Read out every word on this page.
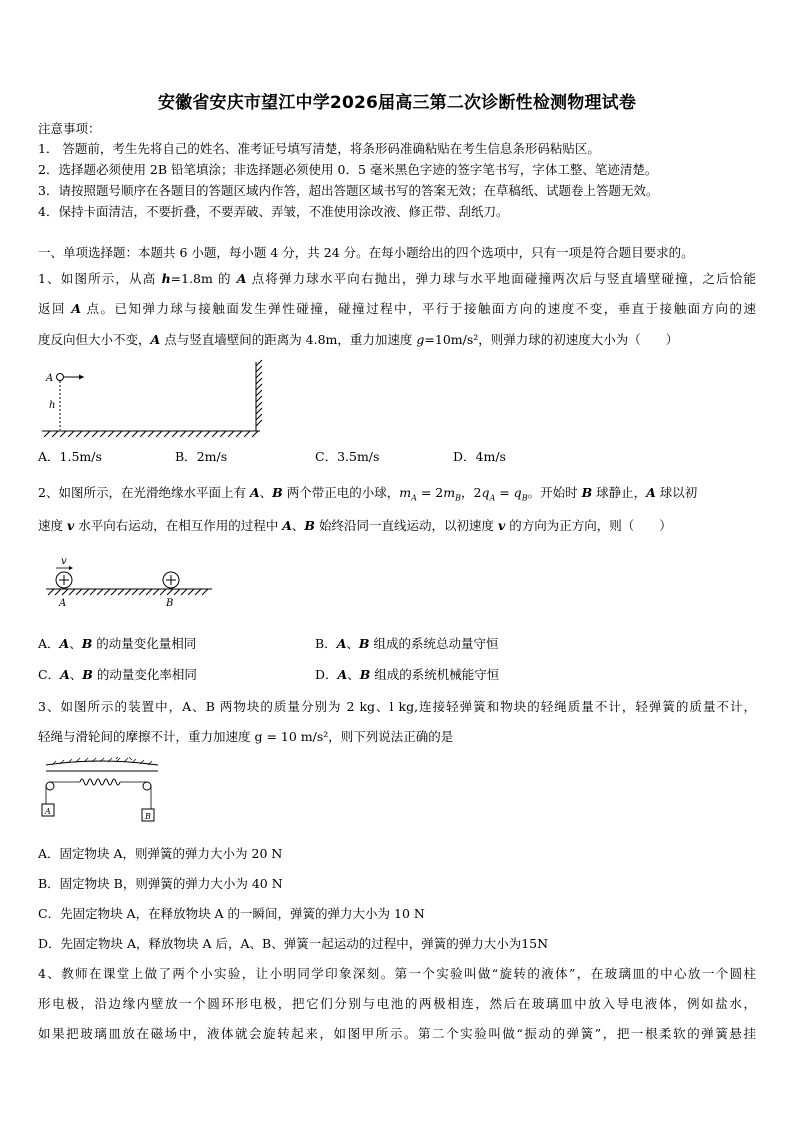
安徽省安庆市望江中学2026届高三第二次诊断性检测物理试卷
注意事项：
1． 答题前，考生先将自己的姓名、准考证号填写清楚，将条形码准确粘贴在考生信息条形码粘贴区。
2．选择题必须使用 2B 铅笔填涂；非选择题必须使用 0．5 毫米黑色字迹的签字笔书写，字体工整、笔迹清楚。
3．请按照题号顺序在各题目的答题区域内作答，超出答题区域书写的答案无效；在草稿纸、试题卷上答题无效。
4．保持卡面清洁，不要折叠，不要弄破、弄皱，不准使用涂改液、修正带、刮纸刀。
一、单项选择题：本题共 6 小题，每小题 4 分，共 24 分。在每小题给出的四个选项中，只有一项是符合题目要求的。
1、如图所示，从高 h=1.8m 的 A 点将弹力球水平向右抛出，弹力球与水平地面碰撞两次后与竖直墙壁碰撞，之后恰能
返回 A 点。已知弹力球与接触面发生弹性碰撞，碰撞过程中，平行于接触面方向的速度不变，垂直于接触面方向的速
度反向但大小不变，A 点与竖直墙壁间的距离为 4.8m，重力加速度 g=10m/s²，则弹力球的初速度大小为（　　）
A
h
A．1.5m/s	B．2m/s	C．3.5m/s	D．4m/s
2、如图所示，在光滑绝缘水平面上有 A、B 两个带正电的小球，$m_A = 2m_B$，$2q_A = q_B$。开始时 B 球静止，A 球以初
速度 v 水平向右运动，在相互作用的过程中 A、B 始终沿同一直线运动，以初速度 v 的方向为正方向，则（　　）
v
A	B
A．A、B 的动量变化量相同	B．A、B 组成的系统总动量守恒
C．A、B 的动量变化率相同	D．A、B 组成的系统机械能守恒
3、如图所示的装置中，A、B 两物块的质量分别为 2 kg、l kg,连接轻弹簧和物块的轻绳质量不计，轻弹簧的质量不计，
轻绳与滑轮间的摩擦不计，重力加速度 g = 10 m/s²，则下列说法正确的是
A
B
A．固定物块 A，则弹簧的弹力大小为 20 N
B．固定物块 B，则弹簧的弹力大小为 40 N
C．先固定物块 A，在释放物块 A 的一瞬间，弹簧的弹力大小为 10 N
D．先固定物块 A，释放物块 A 后，A、B、弹簧一起运动的过程中，弹簧的弹力大小为15N
4、教师在课堂上做了两个小实验，让小明同学印象深刻。第一个实验叫做“旋转的液体”，在玻璃皿的中心放一个圆柱
形电极，沿边缘内壁放一个圆环形电极，把它们分别与电池的两极相连，然后在玻璃皿中放入导电液体，例如盐水，
如果把玻璃皿放在磁场中，液体就会旋转起来，如图甲所示。第二个实验叫做“振动的弹簧”，把一根柔软的弹簧悬挂
